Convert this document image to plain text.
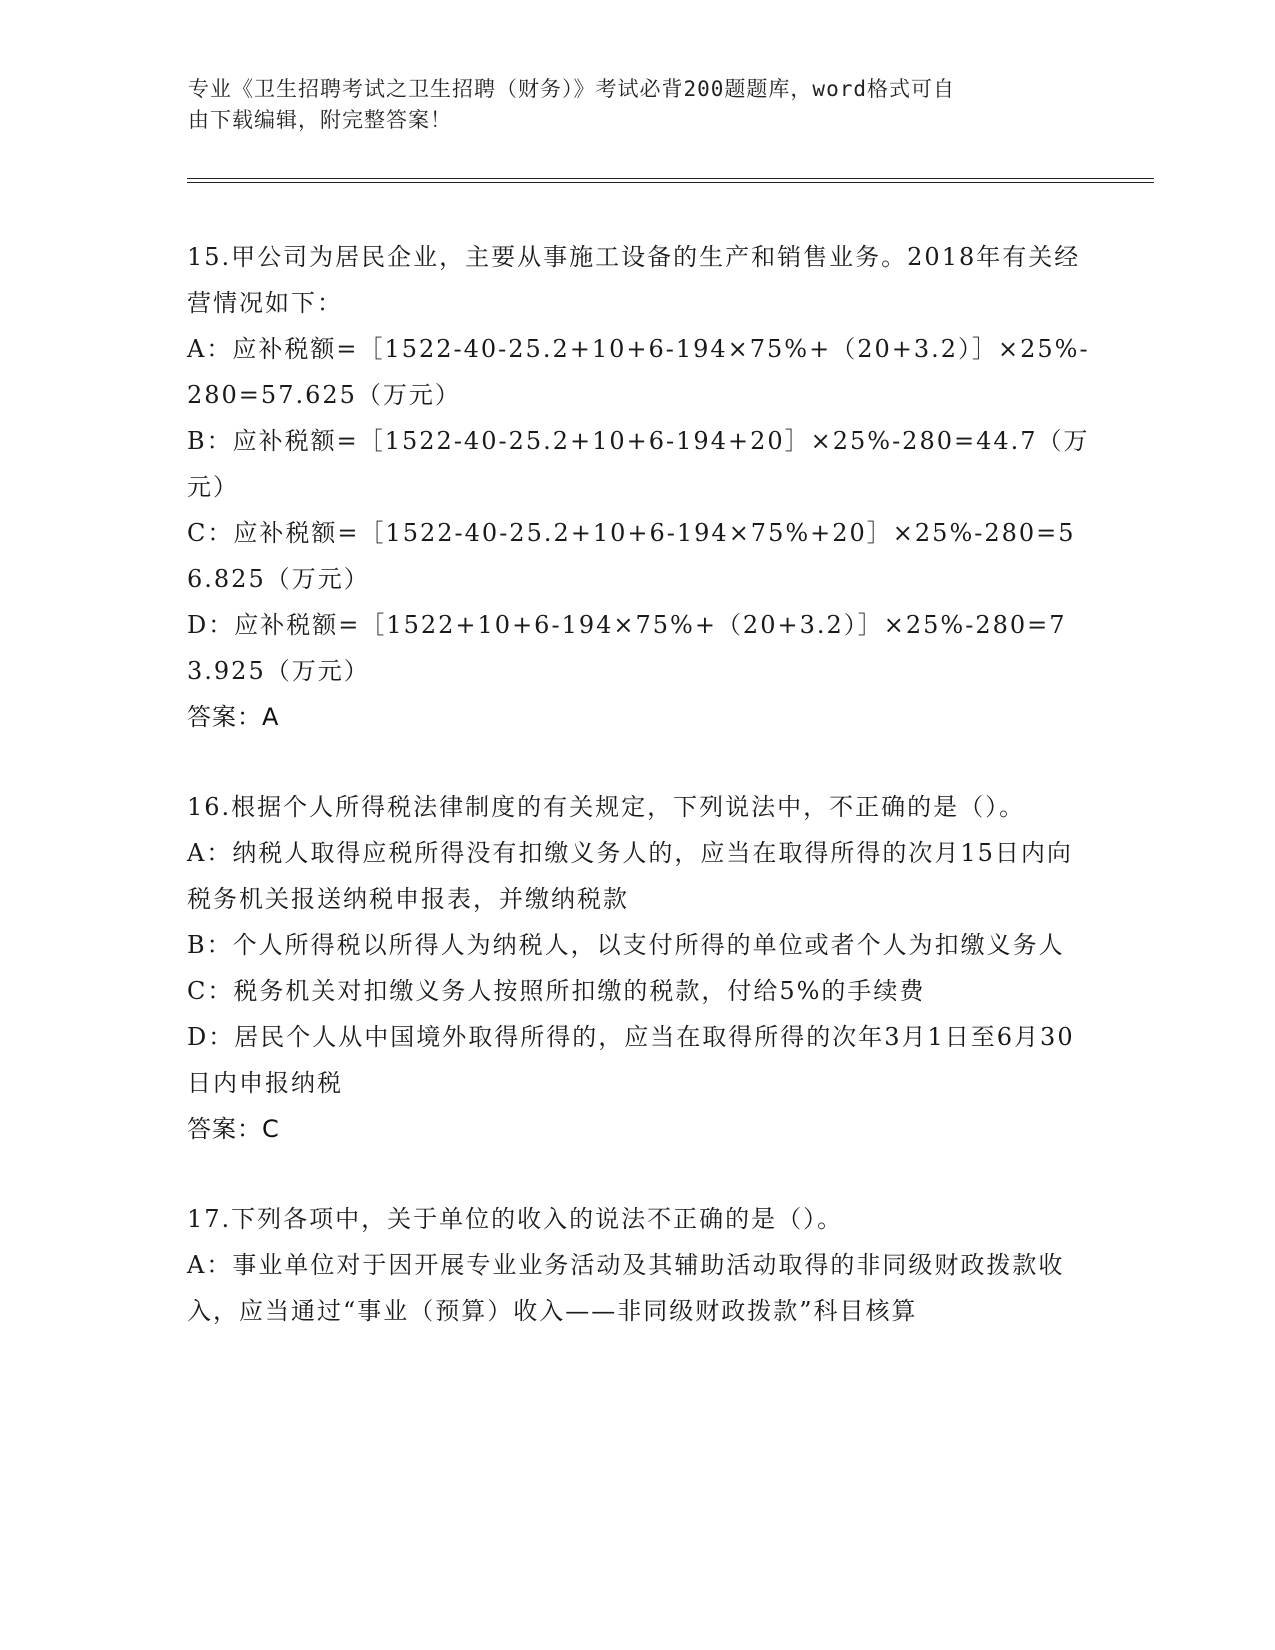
专业《卫生招聘考试之卫生招聘（财务）》考试必背200题题库，word格式可自
由下载编辑，附完整答案！
15.甲公司为居民企业，主要从事施工设备的生产和销售业务。2018年有关经营情况如下：
A：应补税额=［1522-40-25.2+10+6-194×75%+（20+3.2）］×25%-280=57.625（万元）
B：应补税额=［1522-40-25.2+10+6-194+20］×25%-280=44.7（万元）
C：应补税额=［1522-40-25.2+10+6-194×75%+20］×25%-280=56.825（万元）
D：应补税额=［1522+10+6-194×75%+（20+3.2）］×25%-280=73.925（万元）
答案：A
16.根据个人所得税法律制度的有关规定，下列说法中，不正确的是（）。
A：纳税人取得应税所得没有扣缴义务人的，应当在取得所得的次月15日内向税务机关报送纳税申报表，并缴纳税款
B：个人所得税以所得人为纳税人，以支付所得的单位或者个人为扣缴义务人
C：税务机关对扣缴义务人按照所扣缴的税款，付给5%的手续费
D：居民个人从中国境外取得所得的，应当在取得所得的次年3月1日至6月30日内申报纳税
答案：C
17.下列各项中，关于单位的收入的说法不正确的是（）。
A：事业单位对于因开展专业业务活动及其辅助活动取得的非同级财政拨款收入，应当通过“事业（预算）收入——非同级财政拨款”科目核算
